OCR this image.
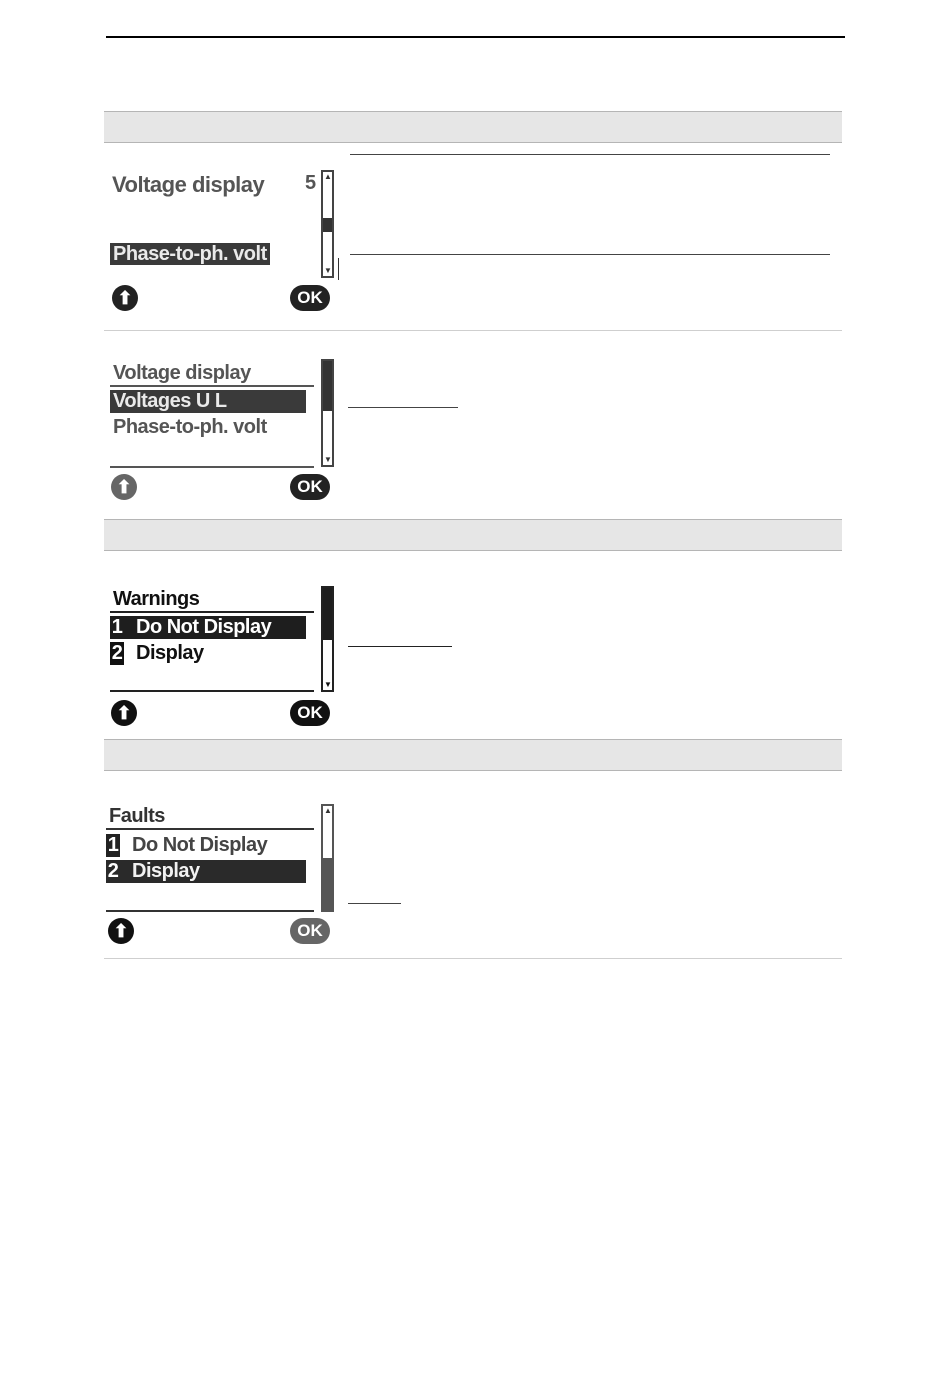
Voltage display 5
Phase-to-ph. volt
▲
▼
⬆	OK
Voltage display
Voltages U L
Phase-to-ph. volt
▼
⬆	OK
Warnings
1 Do Not Display
2 Display
▼
⬆	OK
Faults
1 Do Not Display
2 Display
▲
⬆	OK
